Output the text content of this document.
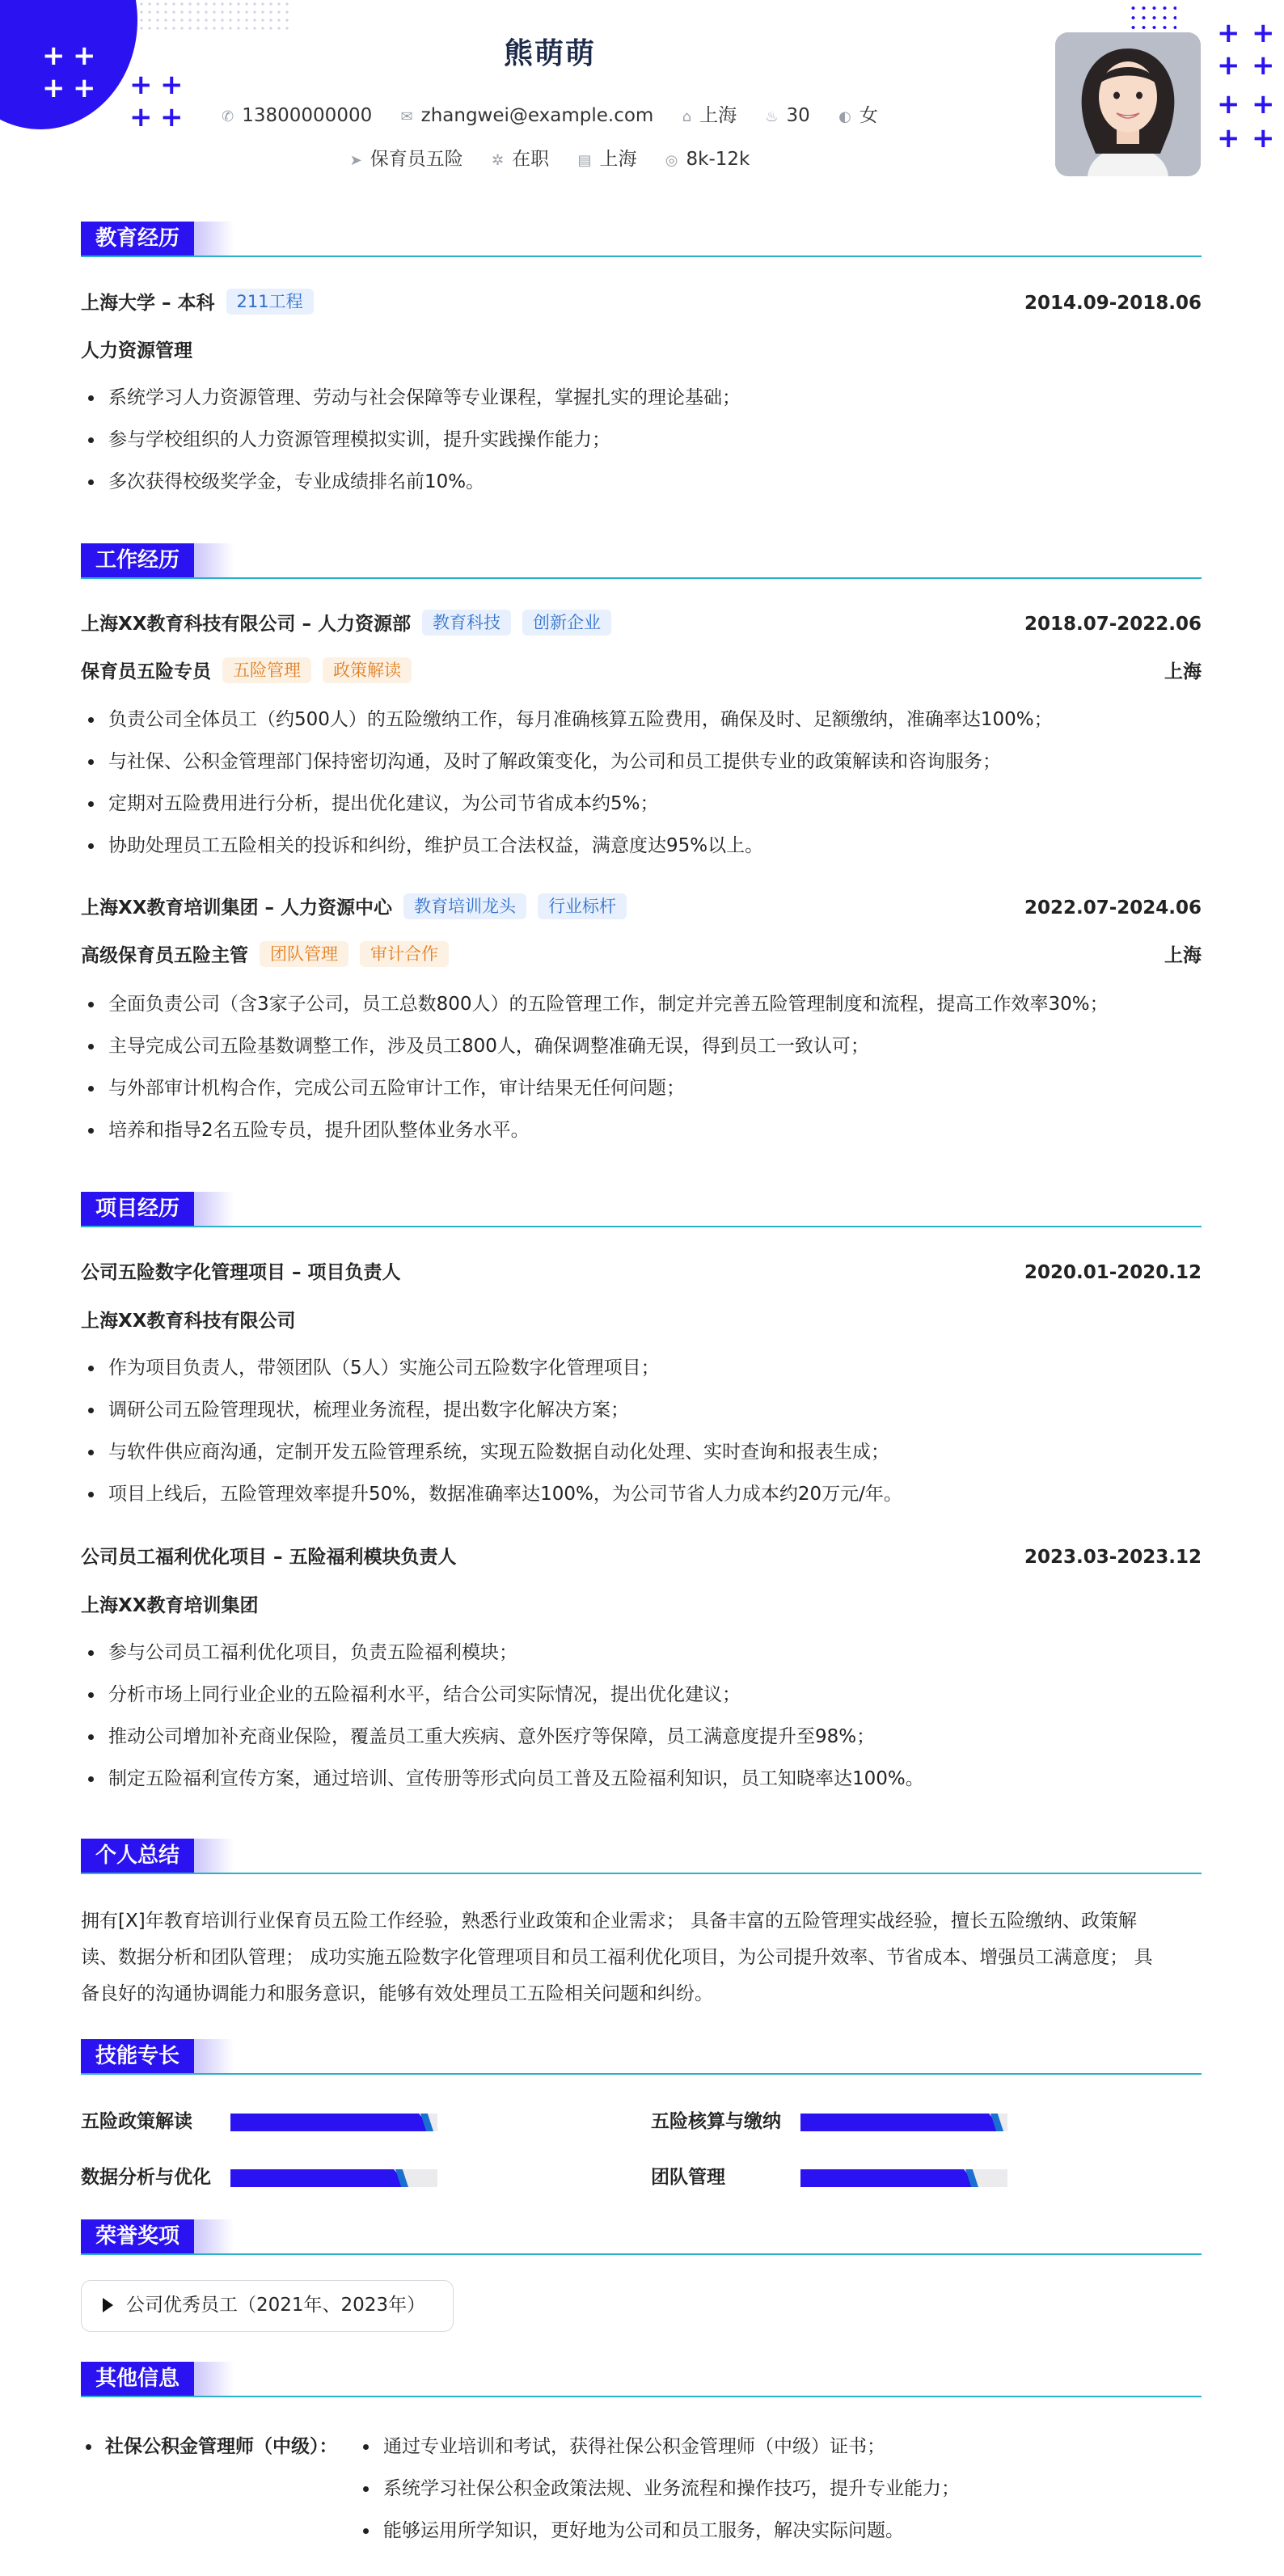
+ +
+ + + +
+ +
+ +
+ +
+ +
+ +
熊萌萌
✆ 13800000000 ✉ zhangwei@example.com ⌂ 上海 ♨ 30 ◐ 女
➤ 保育员五险 ✲ 在职 ▤ 上海 ◎ 8k-12k
教育经历
上海大学 – 本科 211工程	2014.09-2018.06
人力资源管理
系统学习人力资源管理、劳动与社会保障等专业课程，掌握扎实的理论基础；
参与学校组织的人力资源管理模拟实训，提升实践操作能力；
多次获得校级奖学金，专业成绩排名前10%。
工作经历
上海XX教育科技有限公司 – 人力资源部 教育科技 创新企业	2018.07-2022.06
保育员五险专员 五险管理 政策解读	上海
负责公司全体员工（约500人）的五险缴纳工作，每月准确核算五险费用，确保及时、足额缴纳，准确率达100%；
与社保、公积金管理部门保持密切沟通，及时了解政策变化，为公司和员工提供专业的政策解读和咨询服务；
定期对五险费用进行分析，提出优化建议，为公司节省成本约5%；
协助处理员工五险相关的投诉和纠纷，维护员工合法权益，满意度达95%以上。
上海XX教育培训集团 – 人力资源中心 教育培训龙头 行业标杆	2022.07-2024.06
高级保育员五险主管 团队管理 审计合作	上海
全面负责公司（含3家子公司，员工总数800人）的五险管理工作，制定并完善五险管理制度和流程，提高工作效率30%；
主导完成公司五险基数调整工作，涉及员工800人，确保调整准确无误，得到员工一致认可；
与外部审计机构合作，完成公司五险审计工作，审计结果无任何问题；
培养和指导2名五险专员，提升团队整体业务水平。
项目经历
公司五险数字化管理项目 – 项目负责人	2020.01-2020.12
上海XX教育科技有限公司
作为项目负责人，带领团队（5人）实施公司五险数字化管理项目；
调研公司五险管理现状，梳理业务流程，提出数字化解决方案；
与软件供应商沟通，定制开发五险管理系统，实现五险数据自动化处理、实时查询和报表生成；
项目上线后，五险管理效率提升50%，数据准确率达100%，为公司节省人力成本约20万元/年。
公司员工福利优化项目 – 五险福利模块负责人	2023.03-2023.12
上海XX教育培训集团
参与公司员工福利优化项目，负责五险福利模块；
分析市场上同行业企业的五险福利水平，结合公司实际情况，提出优化建议；
推动公司增加补充商业保险，覆盖员工重大疾病、意外医疗等保障，员工满意度提升至98%；
制定五险福利宣传方案，通过培训、宣传册等形式向员工普及五险福利知识，员工知晓率达100%。
个人总结
拥有[X]年教育培训行业保育员五险工作经验，熟悉行业政策和企业需求； 具备丰富的五险管理实战经验，擅长五险缴纳、政策解
读、数据分析和团队管理； 成功实施五险数字化管理项目和员工福利优化项目，为公司提升效率、节省成本、增强员工满意度； 具
备良好的沟通协调能力和服务意识，能够有效处理员工五险相关问题和纠纷。
技能专长
五险政策解读	五险核算与缴纳
数据分析与优化	团队管理
荣誉奖项
公司优秀员工（2021年、2023年）
其他信息
社保公积金管理师（中级）：	通过专业培训和考试，获得社保公积金管理师（中级）证书；
系统学习社保公积金政策法规、业务流程和操作技巧，提升专业能力；
能够运用所学知识，更好地为公司和员工服务，解决实际问题。
